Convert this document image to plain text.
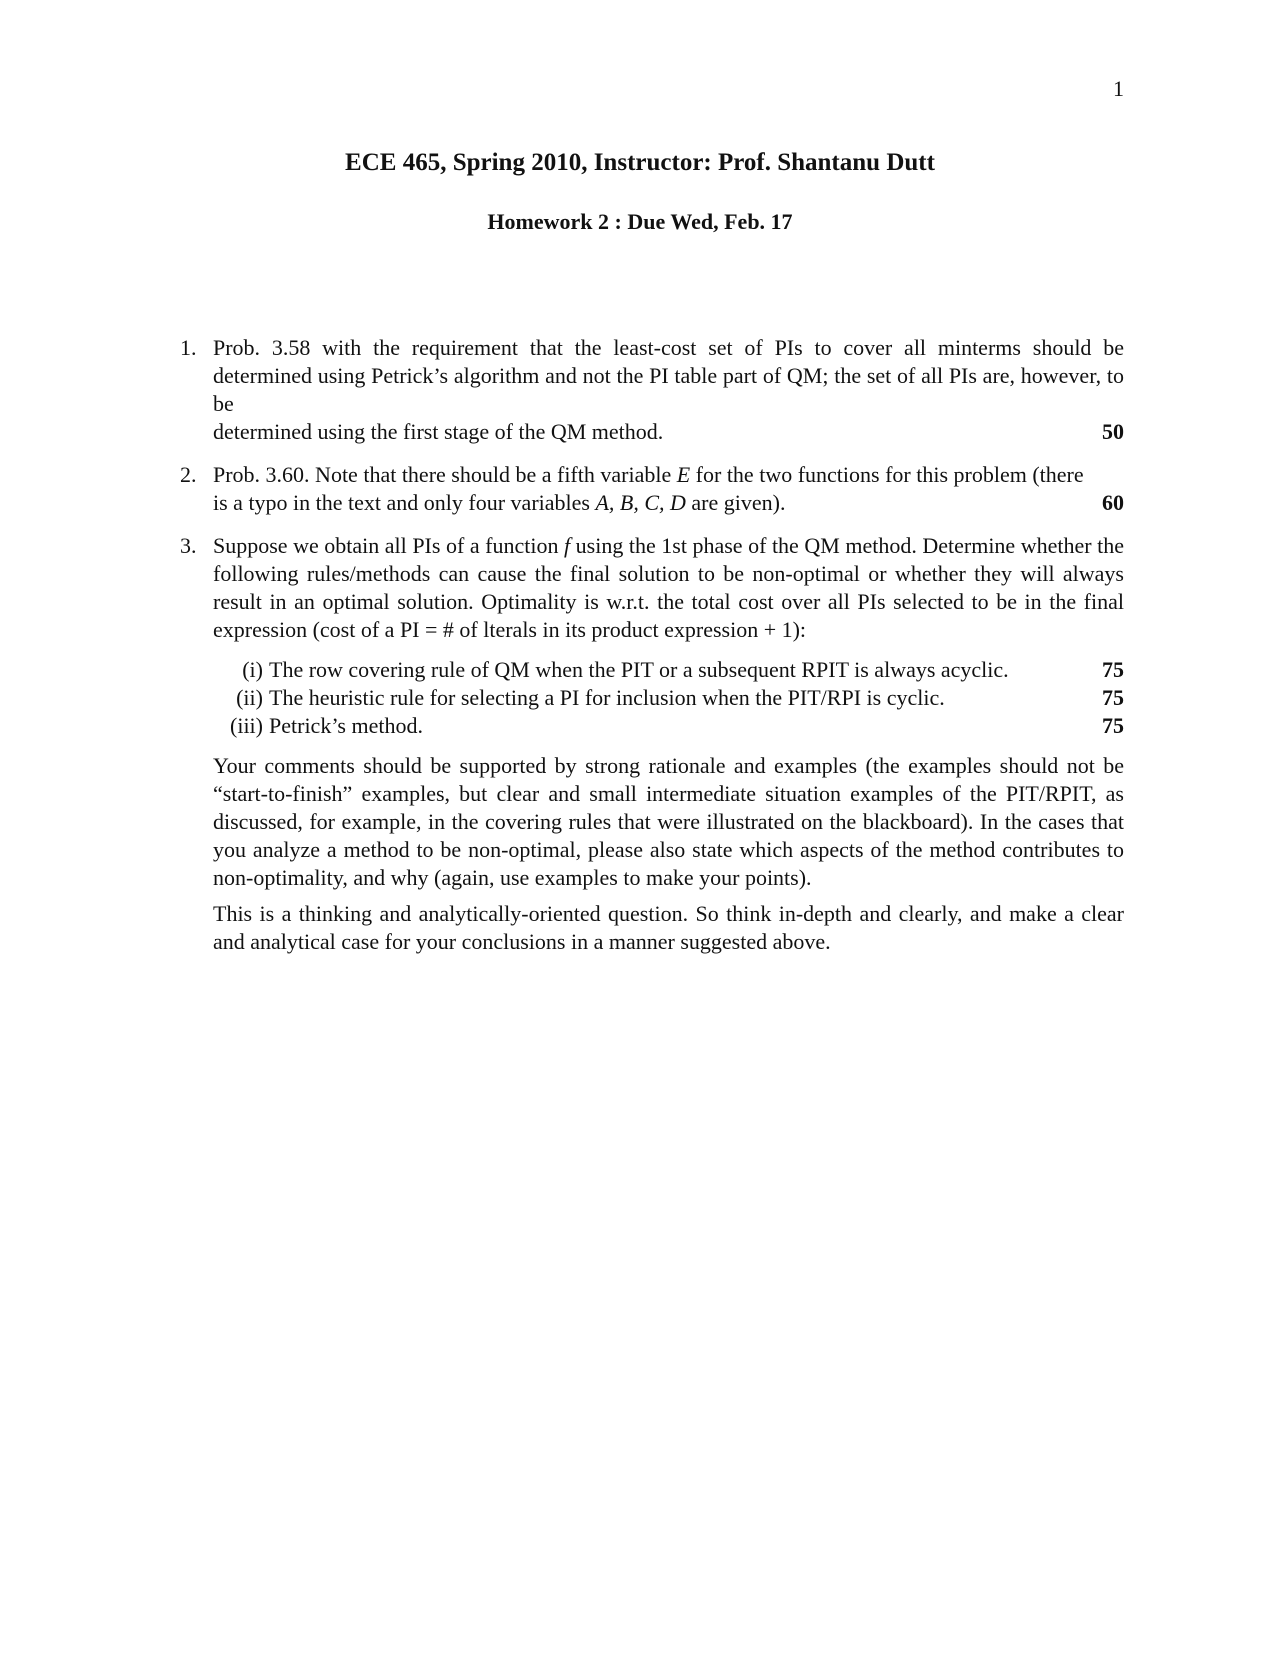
1
ECE 465, Spring 2010, Instructor: Prof. Shantanu Dutt
Homework 2 : Due Wed, Feb. 17
1. Prob. 3.58 with the requirement that the least-cost set of PIs to cover all minterms should be determined using Petrick’s algorithm and not the PI table part of QM; the set of all PIs are, however, to be
determined using the first stage of the QM method.	50
2. Prob. 3.60. Note that there should be a fifth variable E for the two functions for this problem (there
is a typo in the text and only four variables A, B, C, D are given).	60
3. Suppose we obtain all PIs of a function f using the 1st phase of the QM method. Determine whether the following rules/methods can cause the final solution to be non-optimal or whether they will always result in an optimal solution. Optimality is w.r.t. the total cost over all PIs selected to be in the final expression (cost of a PI = # of lterals in its product expression + 1):
(i) The row covering rule of QM when the PIT or a subsequent RPIT is always acyclic.	75
(ii) The heuristic rule for selecting a PI for inclusion when the PIT/RPI is cyclic.	75
(iii) Petrick’s method.	75
Your comments should be supported by strong rationale and examples (the examples should not be “start-to-finish” examples, but clear and small intermediate situation examples of the PIT/RPIT, as discussed, for example, in the covering rules that were illustrated on the blackboard). In the cases that you analyze a method to be non-optimal, please also state which aspects of the method contributes to non-optimality, and why (again, use examples to make your points).
This is a thinking and analytically-oriented question. So think in-depth and clearly, and make a clear and analytical case for your conclusions in a manner suggested above.
